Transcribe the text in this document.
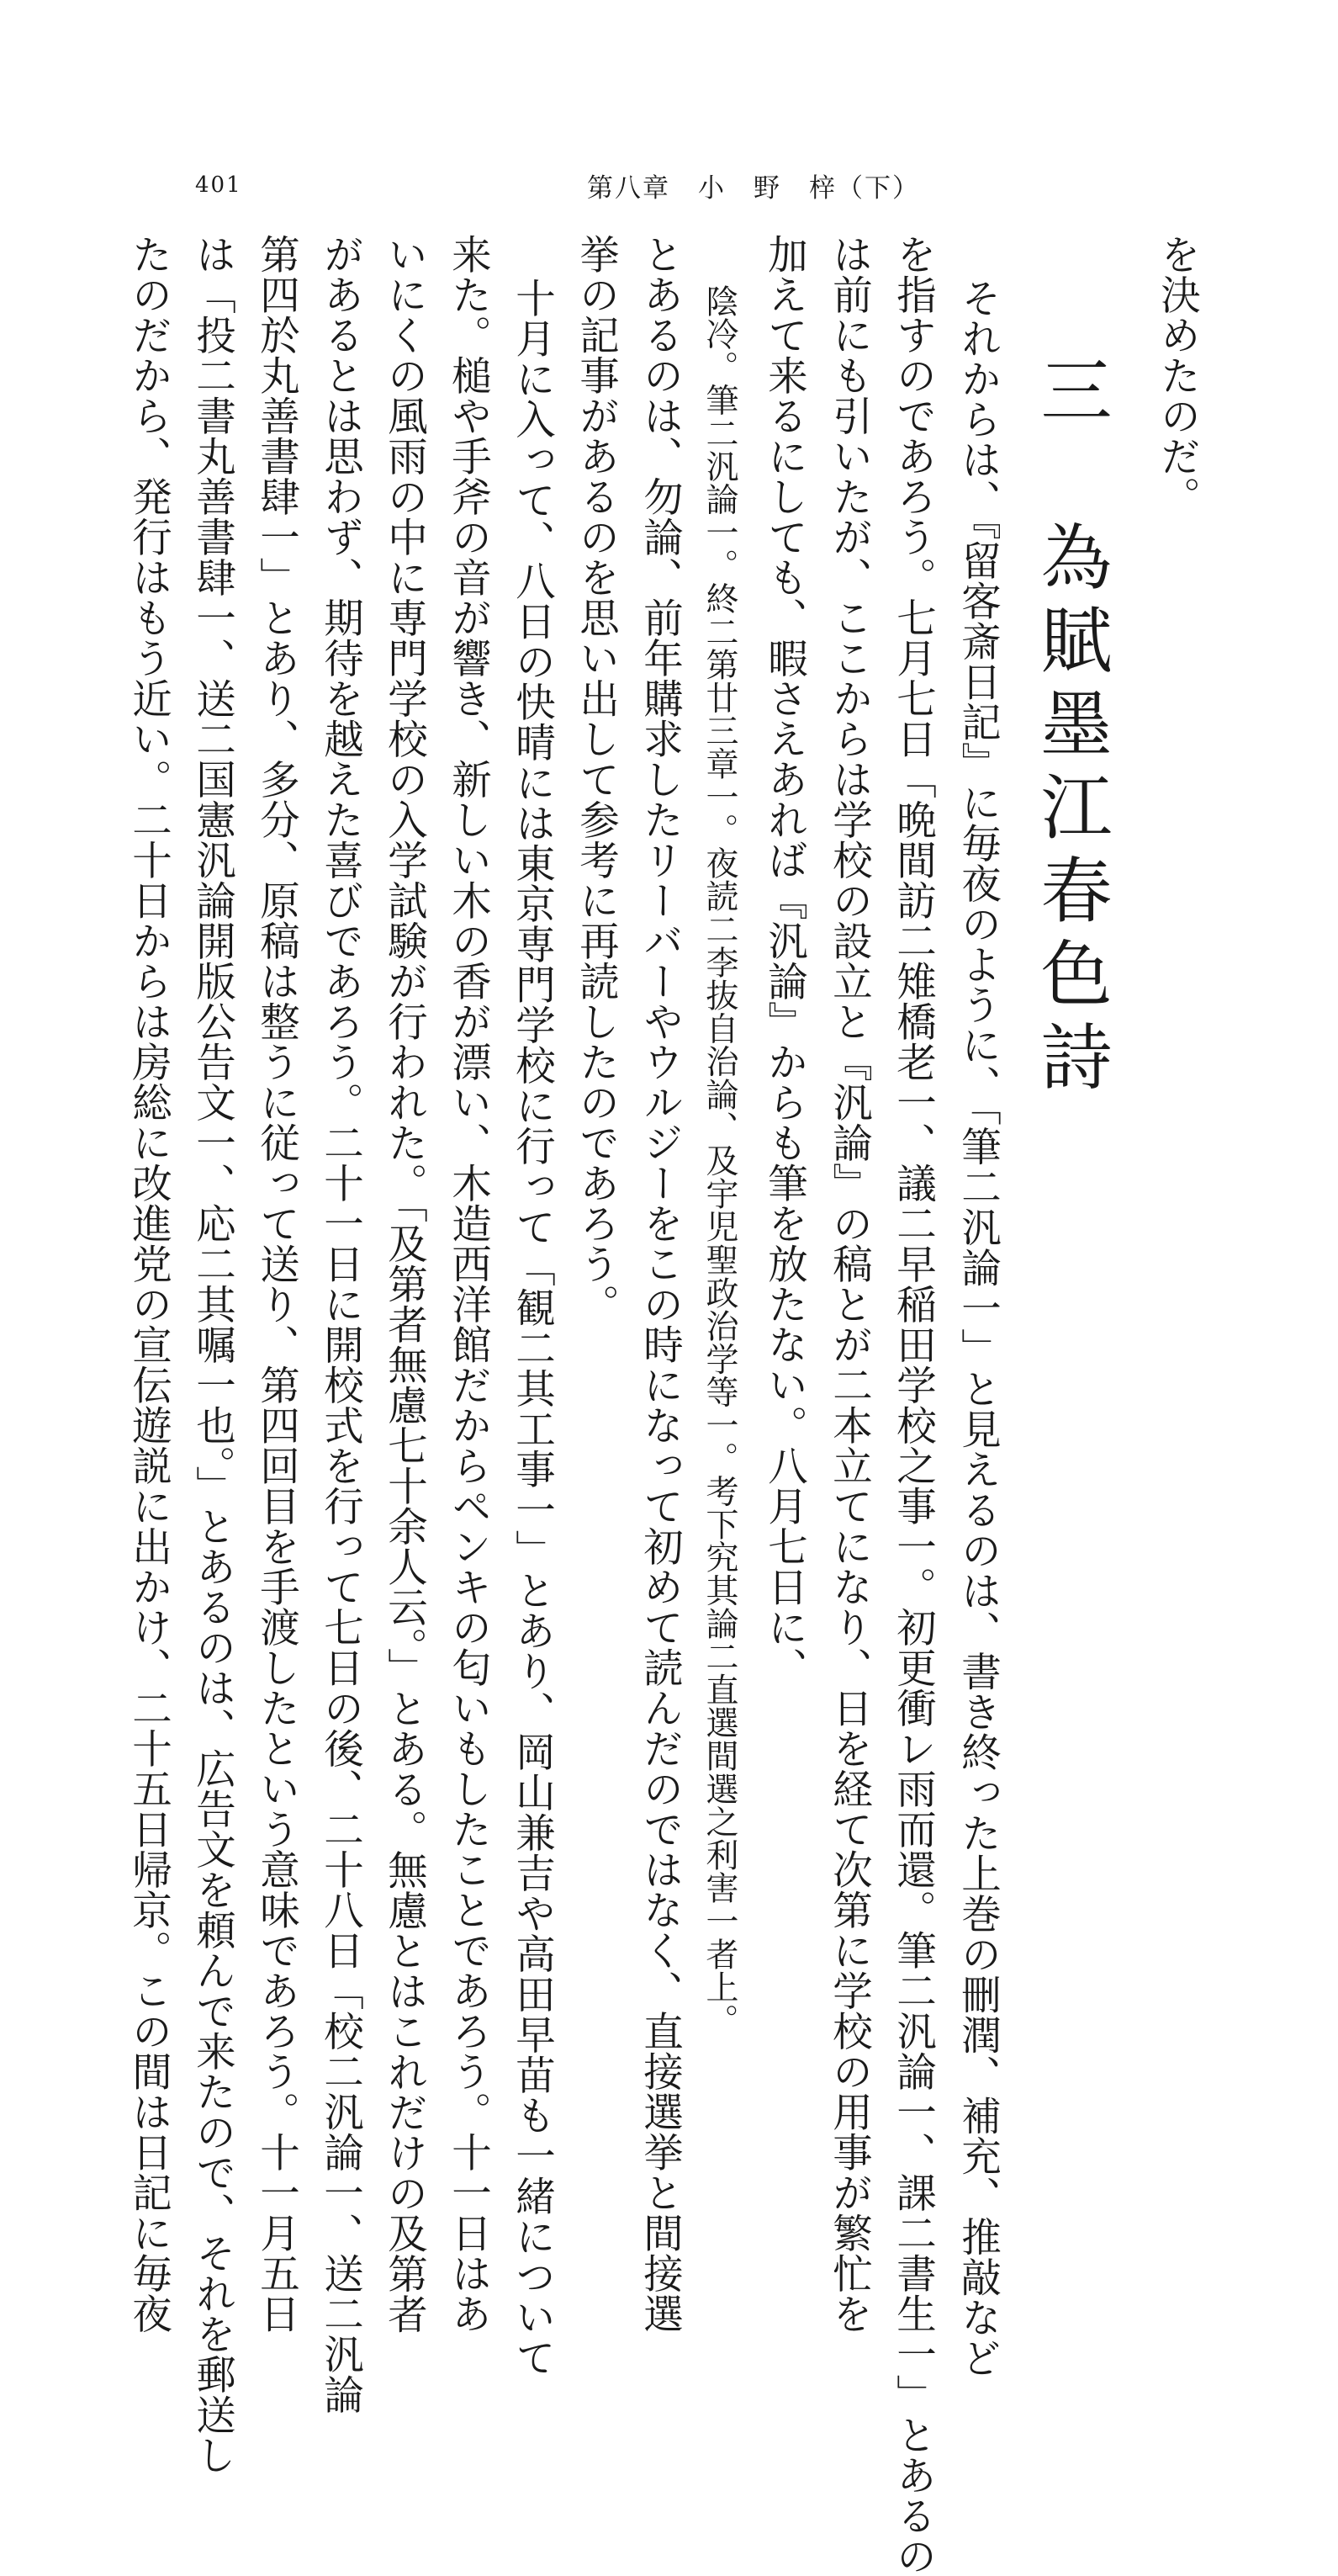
401	第八章　小　野　梓（下）
を決めたのだ。
三　為賦墨江春色詩
それからは、『留客斎日記』に毎夜のように、「筆二汎論一」と見えるのは、書き終った上巻の刪潤、補充、推敲など
を指すのであろう。七月七日「晩間訪二雉橋老一、議二早稲田学校之事一。初更衝レ雨而還。筆二汎論一、課二書生一」とあるの
は前にも引いたが、ここからは学校の設立と『汎論』の稿とが二本立てになり、日を経て次第に学校の用事が繁忙を
加えて来るにしても、暇さえあれば『汎論』からも筆を放たない。八月七日に、
陰冷。筆二汎論一。終二第廿三章一。夜読二李抜自治論、及宇児聖政治学等一。考下究其論二直選間選之利害一者上。
とあるのは、勿論、前年購求したリーバーやウルジーをこの時になって初めて読んだのではなく、直接選挙と間接選
挙の記事があるのを思い出して参考に再読したのであろう。
十月に入って、八日の快晴には東京専門学校に行って「観二其工事一」とあり、岡山兼吉や高田早苗も一緒について
来た。槌や手斧の音が響き、新しい木の香が漂い、木造西洋館だからペンキの匂いもしたことであろう。十一日はあ
いにくの風雨の中に専門学校の入学試験が行われた。「及第者無慮七十余人云。」とある。無慮とはこれだけの及第者
があるとは思わず、期待を越えた喜びであろう。二十一日に開校式を行って七日の後、二十八日「校二汎論一、送二汎論
第四於丸善書肆一」とあり、多分、原稿は整うに従って送り、第四回目を手渡したという意味であろう。十一月五日
は「投二書丸善書肆一、送二国憲汎論開版公告文一、応二其嘱一也。」とあるのは、広告文を頼んで来たので、それを郵送し
たのだから、発行はもう近い。二十日からは房総に改進党の宣伝遊説に出かけ、二十五日帰京。この間は日記に毎夜
